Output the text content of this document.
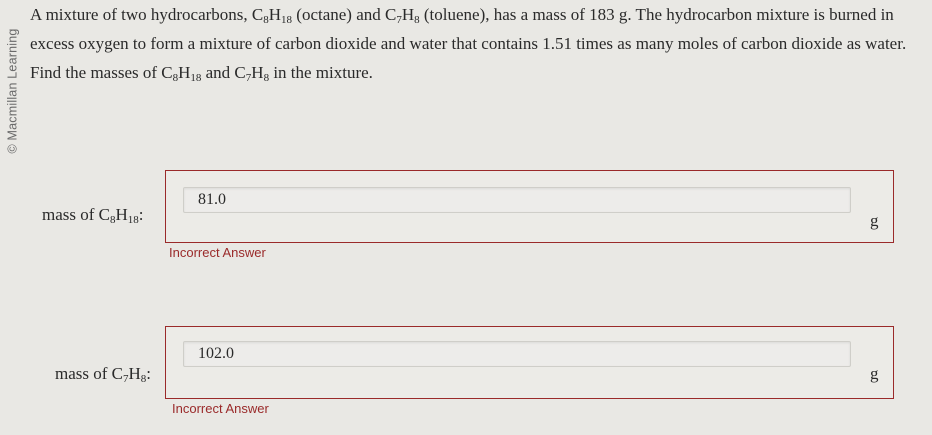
© Macmillan Learning

A mixture of two hydrocarbons, $C_8H_{18}$ (octane) and $C_7H_8$ (toluene), has a mass of 183 g. The hydrocarbon mixture is burned in

excess oxygen to form a mixture of carbon dioxide and water that contains 1.51 times as many moles of carbon dioxide as water.

Find the masses of $C_8H_{18}$ and $C_7H_8$ in the mixture.

mass of $C_8H_{18}$:
81.0	g
Incorrect Answer
mass of $C_7H_8$:
102.0	g
Incorrect Answer
